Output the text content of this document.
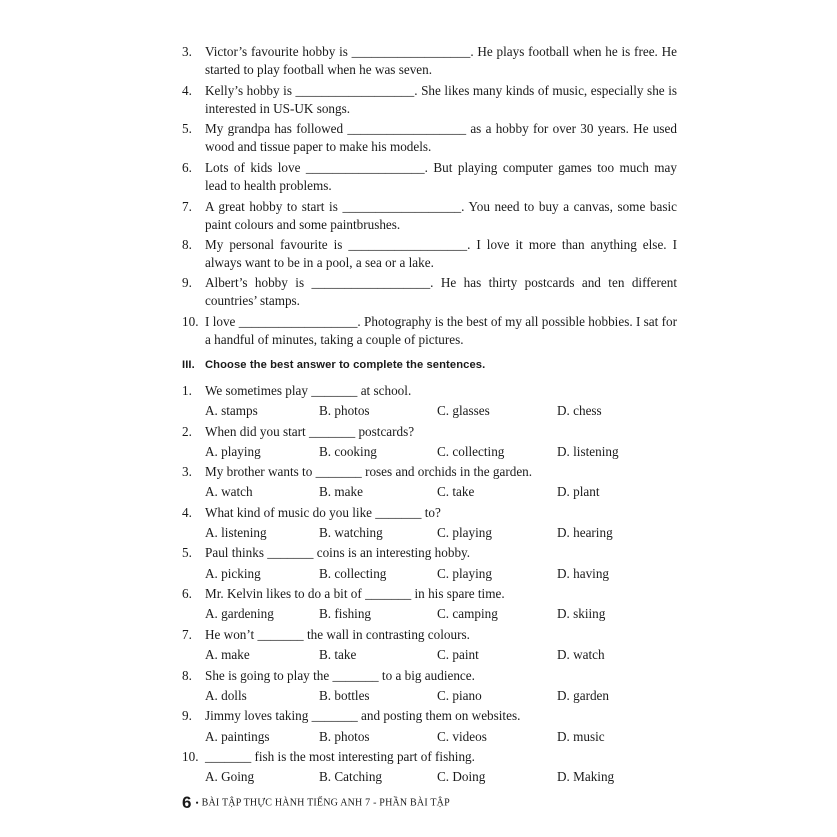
3. Victor’s favourite hobby is __________________. He plays football when he is free. He started to play football when he was seven.
4. Kelly’s hobby is __________________. She likes many kinds of music, especially she is interested in US-UK songs.
5. My grandpa has followed __________________ as a hobby for over 30 years. He used wood and tissue paper to make his models.
6. Lots of kids love __________________. But playing computer games too much may lead to health problems.
7. A great hobby to start is __________________. You need to buy a canvas, some basic paint colours and some paintbrushes.
8. My personal favourite is __________________. I love it more than anything else. I always want to be in a pool, a sea or a lake.
9. Albert’s hobby is __________________. He has thirty postcards and ten different countries’ stamps.
10. I love __________________. Photography is the best of my all possible hobbies. I sat for a handful of minutes, taking a couple of pictures.
III. Choose the best answer to complete the sentences.
1. We sometimes play _______ at school.
A. stamps	B. photos	C. glasses	D. chess
2. When did you start _______ postcards?
A. playing	B. cooking	C. collecting	D. listening
3. My brother wants to _______ roses and orchids in the garden.
A. watch	B. make	C. take	D. plant
4. What kind of music do you like _______ to?
A. listening	B. watching	C. playing	D. hearing
5. Paul thinks _______ coins is an interesting hobby.
A. picking	B. collecting	C. playing	D. having
6. Mr. Kelvin likes to do a bit of _______ in his spare time.
A. gardening	B. fishing	C. camping	D. skiing
7. He won’t _______ the wall in contrasting colours.
A. make	B. take	C. paint	D. watch
8. She is going to play the _______ to a big audience.
A. dolls	B. bottles	C. piano	D. garden
9. Jimmy loves taking _______ and posting them on websites.
A. paintings	B. photos	C. videos	D. music
10. _______ fish is the most interesting part of fishing.
A. Going	B. Catching	C. Doing	D. Making
6 • BÀI TẬP THỰC HÀNH TIẾNG ANH 7 - PHẦN BÀI TẬP
